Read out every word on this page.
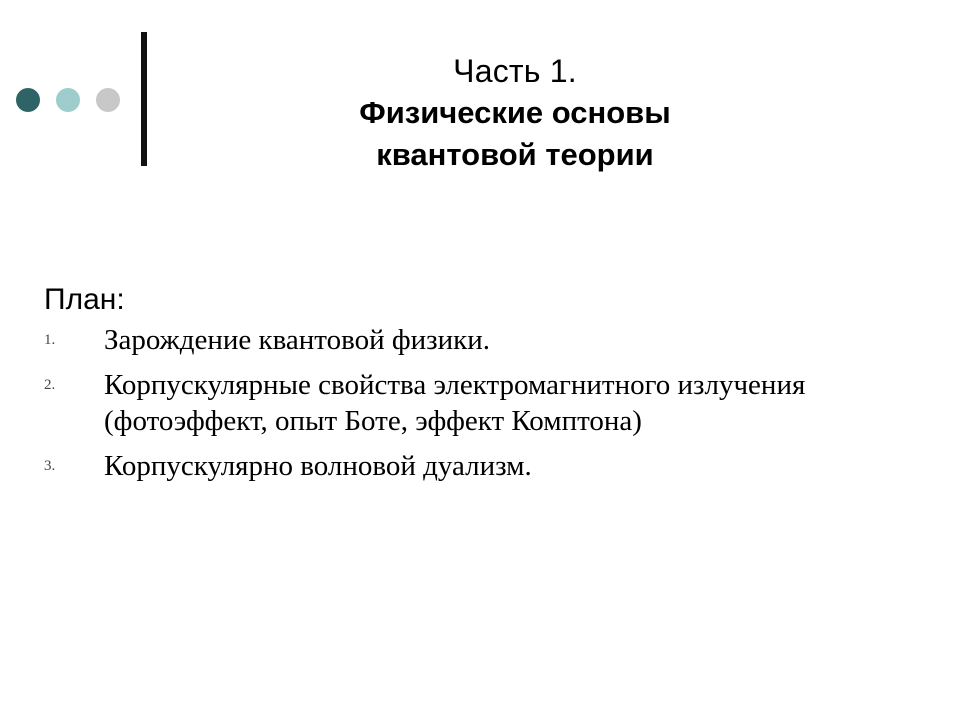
Часть 1.

Физические основы

квантовой теории

План:

1. Зарождение квантовой физики.
2. Корпускулярные свойства электромагнитного излучения
(фотоэффект, опыт Боте, эффект Комптона)
3. Корпускулярно волновой дуализм.
